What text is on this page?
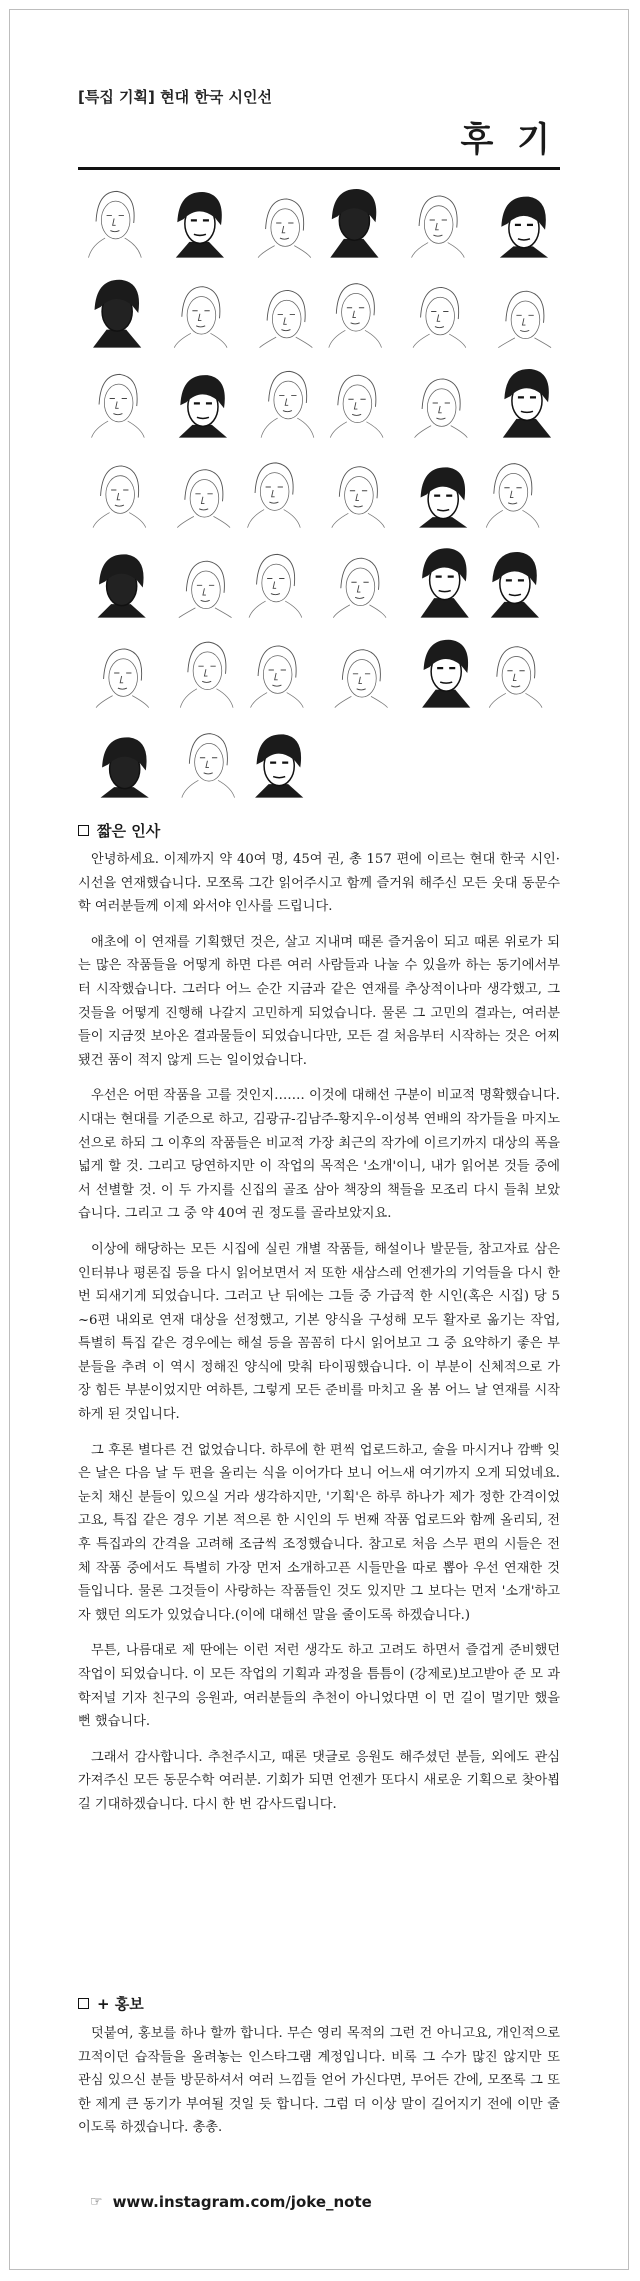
[특집 기획] 현대 한국 시인선
후 기
짧은 인사

안녕하세요. 이제까지 약 40여 명, 45여 권, 총 157 편에 이르는 현대 한국 시인·시선을 연재했습니다. 모쪼록 그간 읽어주시고 함께 즐거워 해주신 모든 웃대 동문수학 여러분들께 이제 와서야 인사를 드립니다.

애초에 이 연재를 기획했던 것은, 살고 지내며 때론 즐거움이 되고 때론 위로가 되는 많은 작품들을 어떻게 하면 다른 여러 사람들과 나눌 수 있을까 하는 동기에서부터 시작했습니다. 그러다 어느 순간 지금과 같은 연재를 추상적이나마 생각했고, 그것들을 어떻게 진행해 나갈지 고민하게 되었습니다. 물론 그 고민의 결과는, 여러분들이 지금껏 보아온 결과물들이 되었습니다만, 모든 걸 처음부터 시작하는 것은 어찌됐건 품이 적지 않게 드는 일이었습니다.

우선은 어떤 작품을 고를 것인지……. 이것에 대해선 구분이 비교적 명확했습니다. 시대는 현대를 기준으로 하고, 김광규-김남주-황지우-이성복 연배의 작가들을 마지노선으로 하되 그 이후의 작품들은 비교적 가장 최근의 작가에 이르기까지 대상의 폭을 넓게 할 것. 그리고 당연하지만 이 작업의 목적은 '소개'이니, 내가 읽어본 것들 중에서 선별할 것. 이 두 가지를 신집의 골조 삼아 책장의 책들을 모조리 다시 들춰 보았습니다. 그리고 그 중 약 40여 권 정도를 골라보았지요.

이상에 해당하는 모든 시집에 실린 개별 작품들, 해설이나 발문들, 참고자료 삼은 인터뷰나 평론집 등을 다시 읽어보면서 저 또한 새삼스레 언젠가의 기억들을 다시 한 번 되새기게 되었습니다. 그러고 난 뒤에는 그들 중 가급적 한 시인(혹은 시집) 당 5~6편 내외로 연재 대상을 선정했고, 기본 양식을 구성해 모두 활자로 옮기는 작업, 특별히 특집 같은 경우에는 해설 등을 꼼꼼히 다시 읽어보고 그 중 요약하기 좋은 부분들을 추려 이 역시 정해진 양식에 맞춰 타이핑했습니다. 이 부분이 신체적으로 가장 힘든 부분이었지만 여하튼, 그렇게 모든 준비를 마치고 올 봄 어느 날 연재를 시작하게 된 것입니다.

그 후론 별다른 건 없었습니다. 하루에 한 편씩 업로드하고, 술을 마시거나 깜빡 잊은 날은 다음 날 두 편을 올리는 식을 이어가다 보니 어느새 여기까지 오게 되었네요. 눈치 채신 분들이 있으실 거라 생각하지만, '기획'은 하루 하나가 제가 정한 간격이었고요, 특집 같은 경우 기본 적으론 한 시인의 두 번째 작품 업로드와 함께 올리되, 전후 특집과의 간격을 고려해 조금씩 조정했습니다. 참고로 처음 스무 편의 시들은 전체 작품 중에서도 특별히 가장 먼저 소개하고픈 시들만을 따로 뽑아 우선 연재한 것들입니다. 물론 그것들이 사랑하는 작품들인 것도 있지만 그 보다는 먼저 '소개'하고자 했던 의도가 있었습니다.(이에 대해선 말을 줄이도록 하겠습니다.)

무튼, 나름대로 제 딴에는 이런 저런 생각도 하고 고려도 하면서 즐겁게 준비했던 작업이 되었습니다. 이 모든 작업의 기획과 과정을 틈틈이 (강제로)보고받아 준 모 과학저널 기자 친구의 응원과, 여러분들의 추천이 아니었다면 이 먼 길이 멀기만 했을 뻔 했습니다.

그래서 감사합니다. 추천주시고, 때론 댓글로 응원도 해주셨던 분들, 외에도 관심 가져주신 모든 동문수학 여러분. 기회가 되면 언젠가 또다시 새로운 기획으로 찾아뵙길 기대하겠습니다. 다시 한 번 감사드립니다.

+ 홍보

덧붙여, 홍보를 하나 할까 합니다. 무슨 영리 목적의 그런 건 아니고요, 개인적으로 끄적이던 습작들을 올려놓는 인스타그램 계정입니다. 비록 그 수가 많진 않지만 또 관심 있으신 분들 방문하셔서 여러 느낌들 얻어 가신다면, 무어든 간에, 모쪼록 그 또한 제게 큰 동기가 부여될 것일 듯 합니다. 그럼 더 이상 말이 길어지기 전에 이만 줄이도록 하겠습니다. 총총.

☞ www.instagram.com/joke_note
